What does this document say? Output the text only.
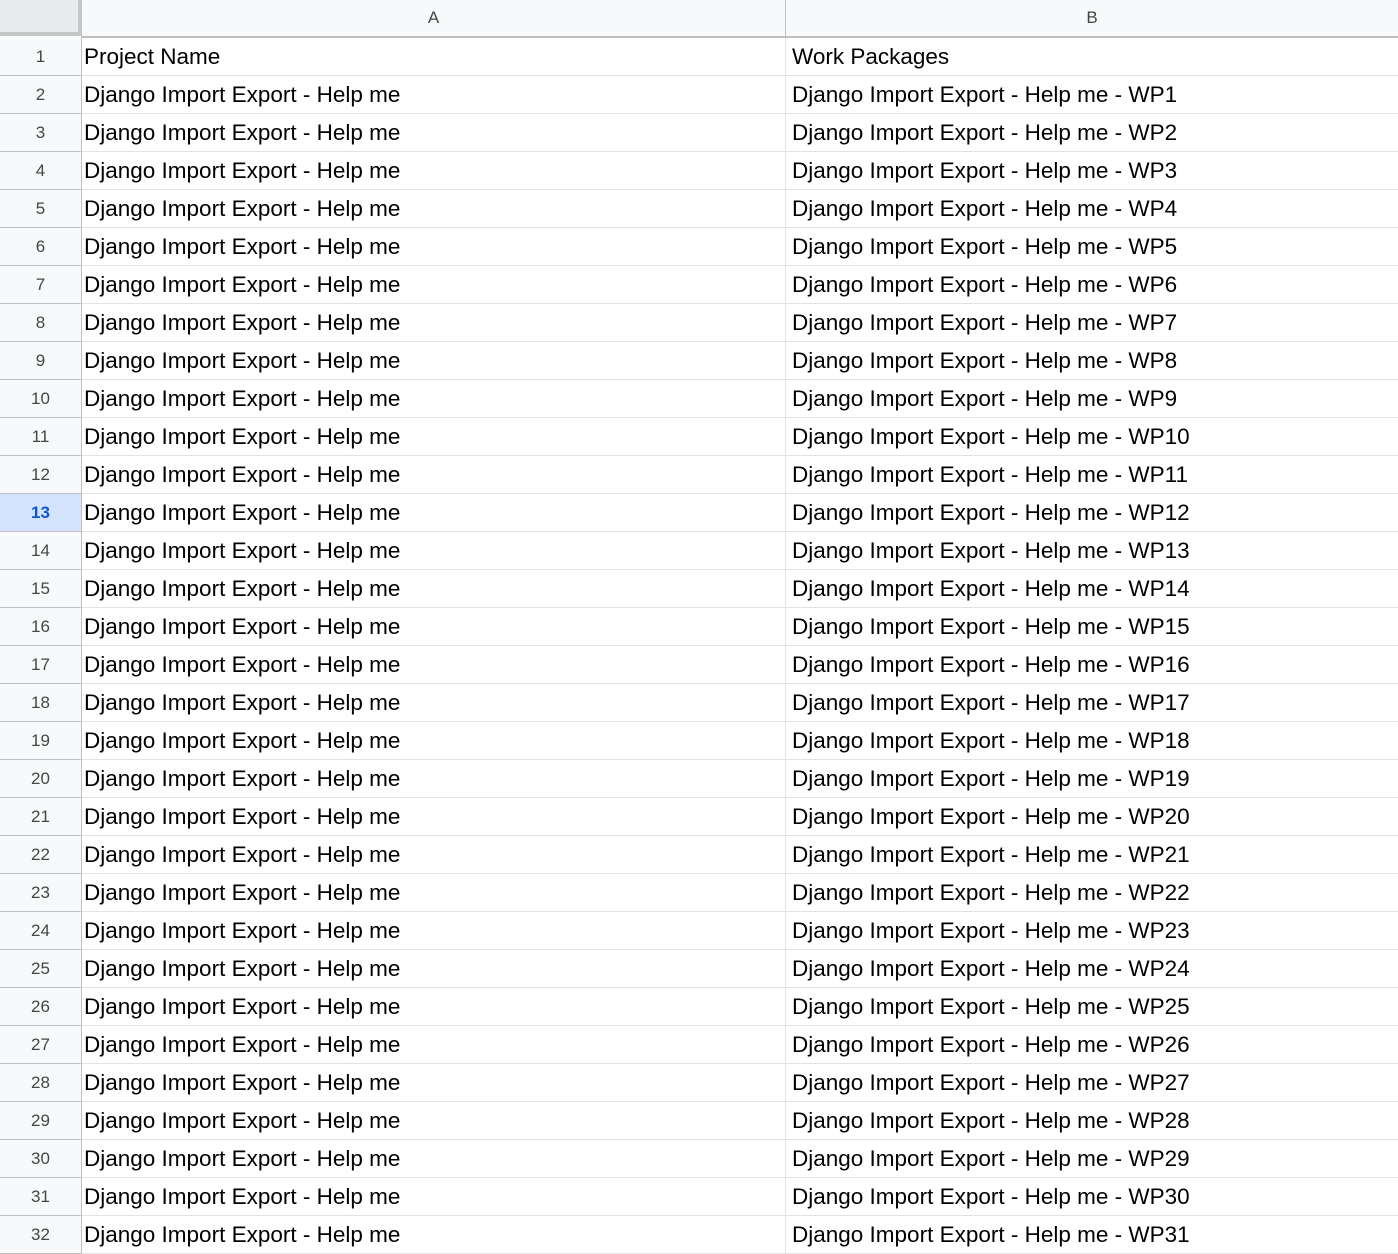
A	B
1	Project Name	Work Packages
2	Django Import Export - Help me	Django Import Export - Help me - WP1
3	Django Import Export - Help me	Django Import Export - Help me - WP2
4	Django Import Export - Help me	Django Import Export - Help me - WP3
5	Django Import Export - Help me	Django Import Export - Help me - WP4
6	Django Import Export - Help me	Django Import Export - Help me - WP5
7	Django Import Export - Help me	Django Import Export - Help me - WP6
8	Django Import Export - Help me	Django Import Export - Help me - WP7
9	Django Import Export - Help me	Django Import Export - Help me - WP8
10	Django Import Export - Help me	Django Import Export - Help me - WP9
11	Django Import Export - Help me	Django Import Export - Help me - WP10
12	Django Import Export - Help me	Django Import Export - Help me - WP11
13	Django Import Export - Help me	Django Import Export - Help me - WP12
14	Django Import Export - Help me	Django Import Export - Help me - WP13
15	Django Import Export - Help me	Django Import Export - Help me - WP14
16	Django Import Export - Help me	Django Import Export - Help me - WP15
17	Django Import Export - Help me	Django Import Export - Help me - WP16
18	Django Import Export - Help me	Django Import Export - Help me - WP17
19	Django Import Export - Help me	Django Import Export - Help me - WP18
20	Django Import Export - Help me	Django Import Export - Help me - WP19
21	Django Import Export - Help me	Django Import Export - Help me - WP20
22	Django Import Export - Help me	Django Import Export - Help me - WP21
23	Django Import Export - Help me	Django Import Export - Help me - WP22
24	Django Import Export - Help me	Django Import Export - Help me - WP23
25	Django Import Export - Help me	Django Import Export - Help me - WP24
26	Django Import Export - Help me	Django Import Export - Help me - WP25
27	Django Import Export - Help me	Django Import Export - Help me - WP26
28	Django Import Export - Help me	Django Import Export - Help me - WP27
29	Django Import Export - Help me	Django Import Export - Help me - WP28
30	Django Import Export - Help me	Django Import Export - Help me - WP29
31	Django Import Export - Help me	Django Import Export - Help me - WP30
32	Django Import Export - Help me	Django Import Export - Help me - WP31
